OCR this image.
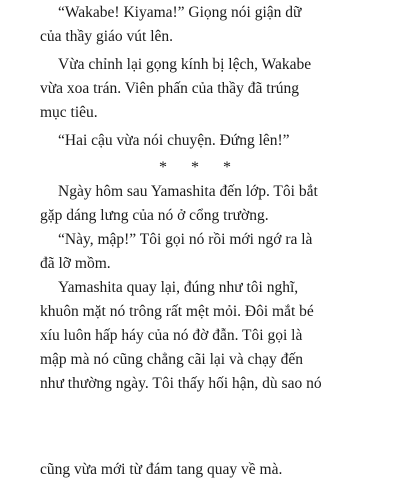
“Wakabe! Kiyama!” Giọng nói giận dữ
của thầy giáo vút lên.
Vừa chỉnh lại gọng kính bị lệch, Wakabe
vừa xoa trán. Viên phấn của thầy đã trúng
mục tiêu.
“Hai cậu vừa nói chuyện. Đứng lên!”
* * *
Ngày hôm sau Yamashita đến lớp. Tôi bắt
gặp dáng lưng của nó ở cổng trường.
“Này, mập!” Tôi gọi nó rồi mới ngớ ra là
đã lỡ mồm.
Yamashita quay lại, đúng như tôi nghĩ,
khuôn mặt nó trông rất mệt mỏi. Đôi mắt bé
xíu luôn hấp háy của nó đờ đẫn. Tôi gọi là
mập mà nó cũng chẳng cãi lại và chạy đến
như thường ngày. Tôi thấy hối hận, dù sao nó
cũng vừa mới từ đám tang quay về mà.
